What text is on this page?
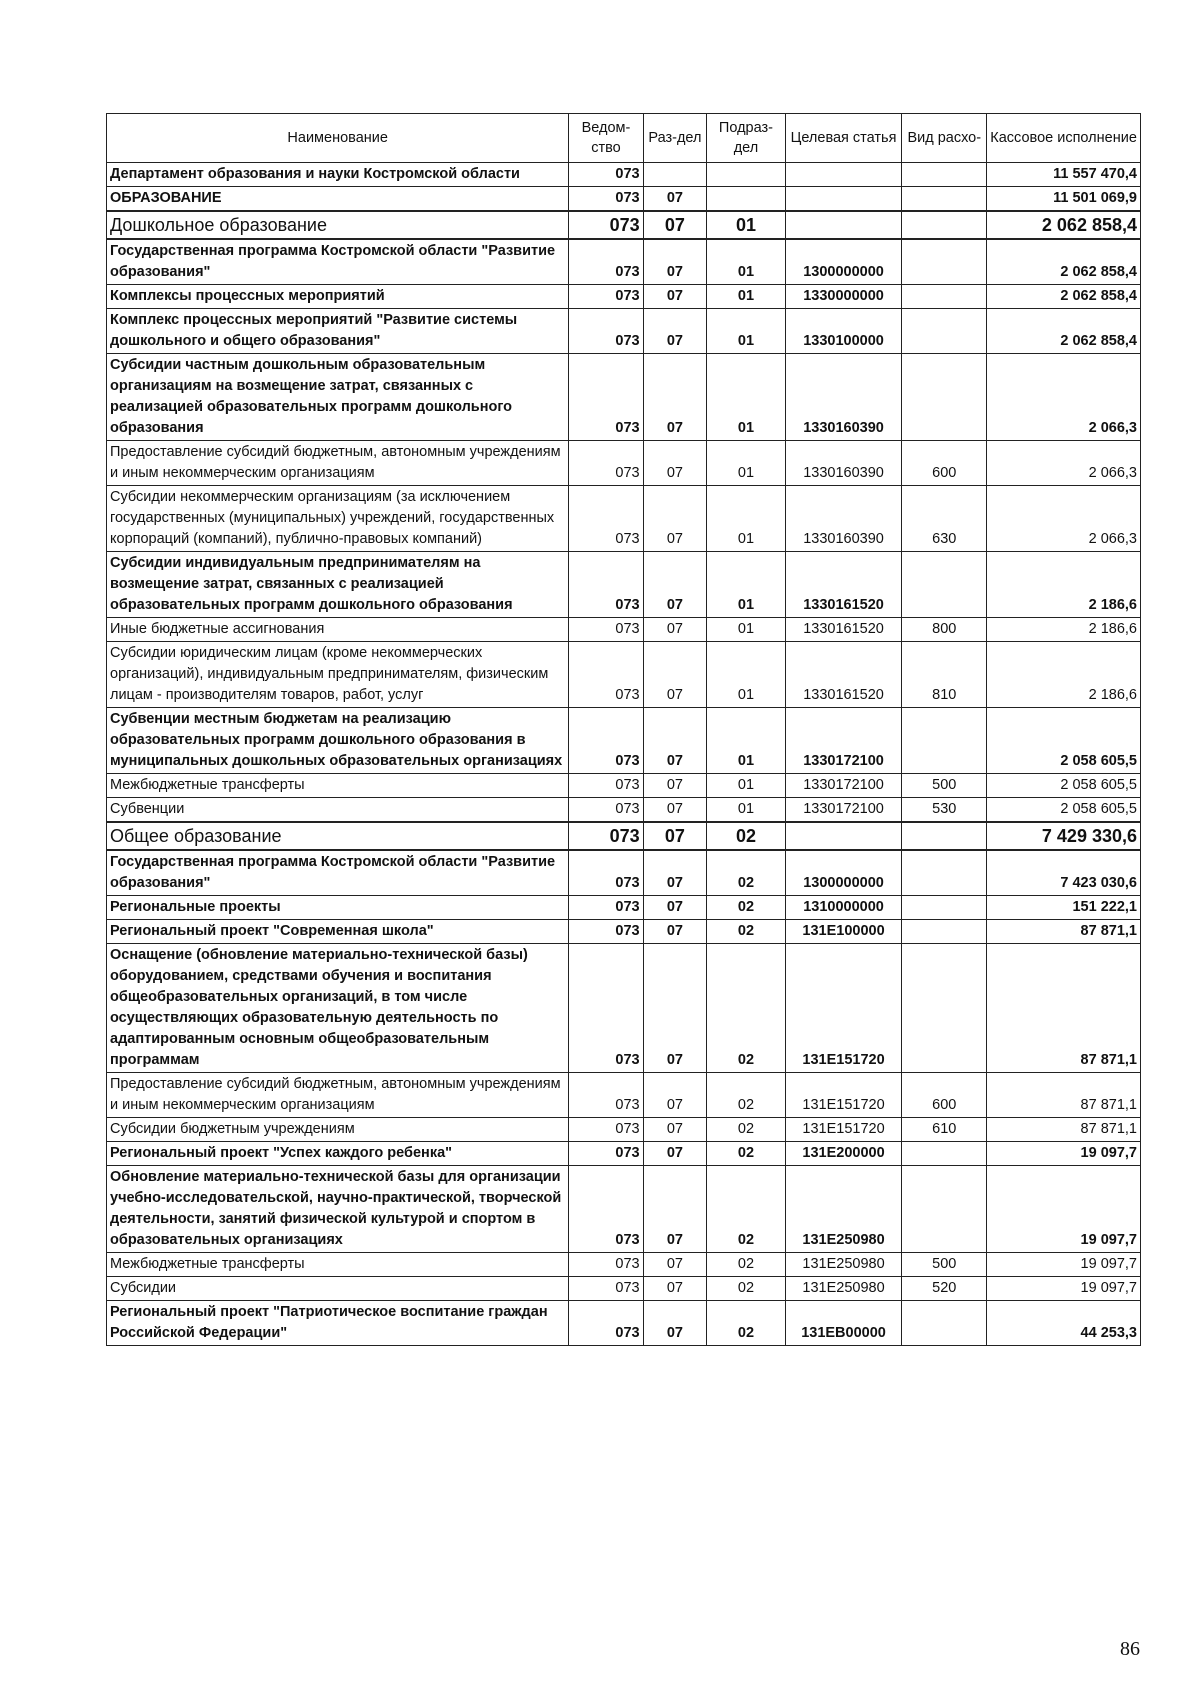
Наименование	Ведом-ство	Раз-дел	Подраз-дел	Целевая статья	Вид расхо-	Кассовое исполнение
Департамент образования и науки Костромской области	073					11 557 470,4
ОБРАЗОВАНИЕ	073	07				11 501 069,9
Дошкольное образование	073	07	01			2 062 858,4
Государственная программа Костромской области "Развитие образования"	073	07	01	1300000000		2 062 858,4
Комплексы процессных мероприятий	073	07	01	1330000000		2 062 858,4
Комплекс процессных мероприятий "Развитие системы дошкольного и общего образования"	073	07	01	1330100000		2 062 858,4
Субсидии частным дошкольным образовательным организациям на возмещение затрат, связанных с реализацией образовательных программ дошкольного образования	073	07	01	1330160390		2 066,3
Предоставление субсидий бюджетным, автономным учреждениям и иным некоммерческим организациям	073	07	01	1330160390	600	2 066,3
Субсидии некоммерческим организациям (за исключением государственных (муниципальных) учреждений, государственных корпораций (компаний), публично-правовых компаний)	073	07	01	1330160390	630	2 066,3
Субсидии индивидуальным предпринимателям на возмещение затрат, связанных с реализацией образовательных программ дошкольного образования	073	07	01	1330161520		2 186,6
Иные бюджетные ассигнования	073	07	01	1330161520	800	2 186,6
Субсидии юридическим лицам (кроме некоммерческих организаций), индивидуальным предпринимателям, физическим лицам - производителям товаров, работ, услуг	073	07	01	1330161520	810	2 186,6
Субвенции местным бюджетам на реализацию образовательных программ дошкольного образования в муниципальных дошкольных образовательных организациях	073	07	01	1330172100		2 058 605,5
Межбюджетные трансферты	073	07	01	1330172100	500	2 058 605,5
Субвенции	073	07	01	1330172100	530	2 058 605,5
Общее образование	073	07	02			7 429 330,6
Государственная программа Костромской области "Развитие образования"	073	07	02	1300000000		7 423 030,6
Региональные проекты	073	07	02	1310000000		151 222,1
Региональный проект "Современная школа"	073	07	02	131E100000		87 871,1
Оснащение (обновление материально-технической базы) оборудованием, средствами обучения и воспитания общеобразовательных организаций, в том числе осуществляющих образовательную деятельность по адаптированным основным общеобразовательным программам	073	07	02	131E151720		87 871,1
Предоставление субсидий бюджетным, автономным учреждениям и иным некоммерческим организациям	073	07	02	131E151720	600	87 871,1
Субсидии бюджетным учреждениям	073	07	02	131E151720	610	87 871,1
Региональный проект "Успех каждого ребенка"	073	07	02	131E200000		19 097,7
Обновление материально-технической базы для организации учебно-исследовательской, научно-практической, творческой деятельности, занятий физической культурой и спортом в образовательных организациях	073	07	02	131E250980		19 097,7
Межбюджетные трансферты	073	07	02	131E250980	500	19 097,7
Субсидии	073	07	02	131E250980	520	19 097,7
Региональный проект "Патриотическое воспитание граждан Российской Федерации"	073	07	02	131EB00000		44 253,3
86
